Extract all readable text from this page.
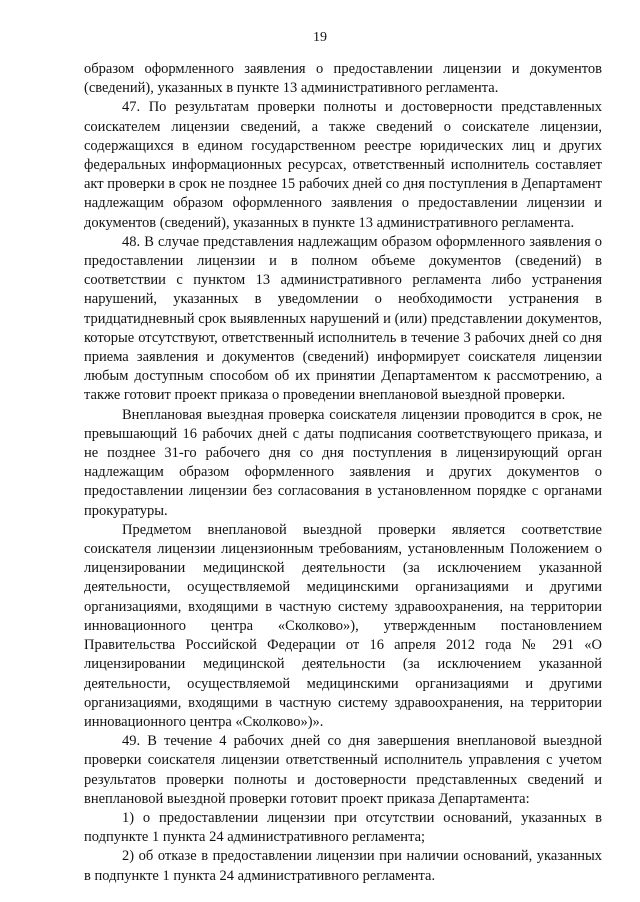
19

образом оформленного заявления о предоставлении лицензии и документов (сведений), указанных в пункте 13 административного регламента.

47. По результатам проверки полноты и достоверности представленных соискателем лицензии сведений, а также сведений о соискателе лицензии, содержащихся в едином государственном реестре юридических лиц и других федеральных информационных ресурсах, ответственный исполнитель составляет акт проверки в срок не позднее 15 рабочих дней со дня поступления в Департамент надлежащим образом оформленного заявления о предоставлении лицензии и документов (сведений), указанных в пункте 13 административного регламента.

48. В случае представления надлежащим образом оформленного заявления о предоставлении лицензии и в полном объеме документов (сведений) в соответствии с пунктом 13 административного регламента либо устранения нарушений, указанных в уведомлении о необходимости устранения в тридцатидневный срок выявленных нарушений и (или) представлении документов, которые отсутствуют, ответственный исполнитель в течение 3 рабочих дней со дня приема заявления и документов (сведений) информирует соискателя лицензии любым доступным способом об их принятии Департаментом к рассмотрению, а также готовит проект приказа о проведении внеплановой выездной проверки.

Внеплановая выездная проверка соискателя лицензии проводится в срок, не превышающий 16 рабочих дней с даты подписания соответствующего приказа, и не позднее 31-го рабочего дня со дня поступления в лицензирующий орган надлежащим образом оформленного заявления и других документов о предоставлении лицензии без согласования в установленном порядке с органами прокуратуры.

Предметом внеплановой выездной проверки является соответствие соискателя лицензии лицензионным требованиям, установленным Положением о лицензировании медицинской деятельности (за исключением указанной деятельности, осуществляемой медицинскими организациями и другими организациями, входящими в частную систему здравоохранения, на территории инновационного центра «Сколково»), утвержденным постановлением Правительства Российской Федерации от 16 апреля 2012 года № 291 «О лицензировании медицинской деятельности (за исключением указанной деятельности, осуществляемой медицинскими организациями и другими организациями, входящими в частную систему здравоохранения, на территории инновационного центра «Сколково»)».

49. В течение 4 рабочих дней со дня завершения внеплановой выездной проверки соискателя лицензии ответственный исполнитель управления с учетом результатов проверки полноты и достоверности представленных сведений и внеплановой выездной проверки готовит проект приказа Департамента:

1) о предоставлении лицензии при отсутствии оснований, указанных в подпункте 1 пункта 24 административного регламента;

2) об отказе в предоставлении лицензии при наличии оснований, указанных в подпункте 1 пункта 24 административного регламента.
